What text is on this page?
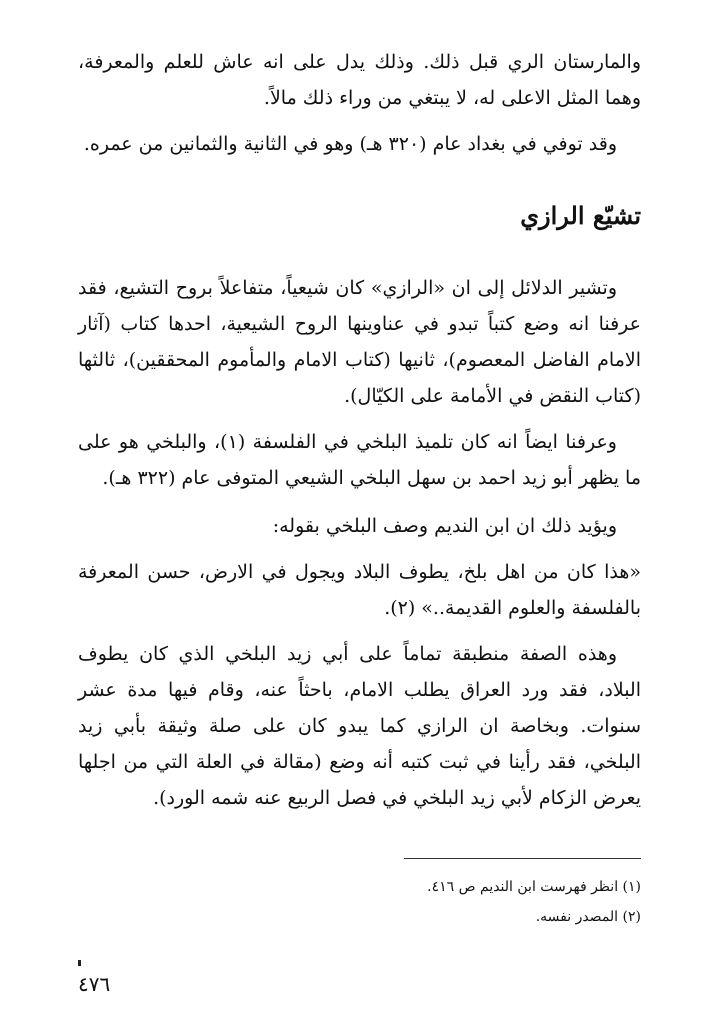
والمارستان الري قبل ذلك. وذلك يدل على انه عاش للعلم والمعرفة، وهما المثل الاعلى له، لا يبتغي من وراء ذلك مالاً.

وقد توفي في بغداد عام (٣٢٠ هـ) وهو في الثانية والثمانين من عمره.

تشيّع الرازي

وتشير الدلائل إلى ان «الرازي» كان شيعياً، متفاعلاً بروح التشيع، فقد عرفنا انه وضع كتباً تبدو في عناوينها الروح الشيعية، احدها كتاب (آثار الامام الفاضل المعصوم)، ثانيها (كتاب الامام والمأموم المحققين)، ثالثها (كتاب النقض في الأمامة على الكيّال).

وعرفنا ايضاً انه كان تلميذ البلخي في الفلسفة (١)، والبلخي هو على ما يظهر أبو زيد احمد بن سهل البلخي الشيعي المتوفى عام (٣٢٢ هـ).

ويؤيد ذلك ان ابن النديم وصف البلخي بقوله:

«هذا كان من اهل بلخ، يطوف البلاد ويجول في الارض، حسن المعرفة بالفلسفة والعلوم القديمة..» (٢).

وهذه الصفة منطبقة تماماً على أبي زيد البلخي الذي كان يطوف البلاد، فقد ورد العراق يطلب الامام، باحثاً عنه، وقام فيها مدة عشر سنوات. وبخاصة ان الرازي كما يبدو كان على صلة وثيقة بأبي زيد البلخي، فقد رأينا في ثبت كتبه أنه وضع (مقالة في العلة التي من اجلها يعرض الزكام لأبي زيد البلخي في فصل الربيع عنه شمه الورد).

(١) انظر فهرست ابن النديم ص ٤١٦.
(٢) المصدر نفسه.
٤٧٦
